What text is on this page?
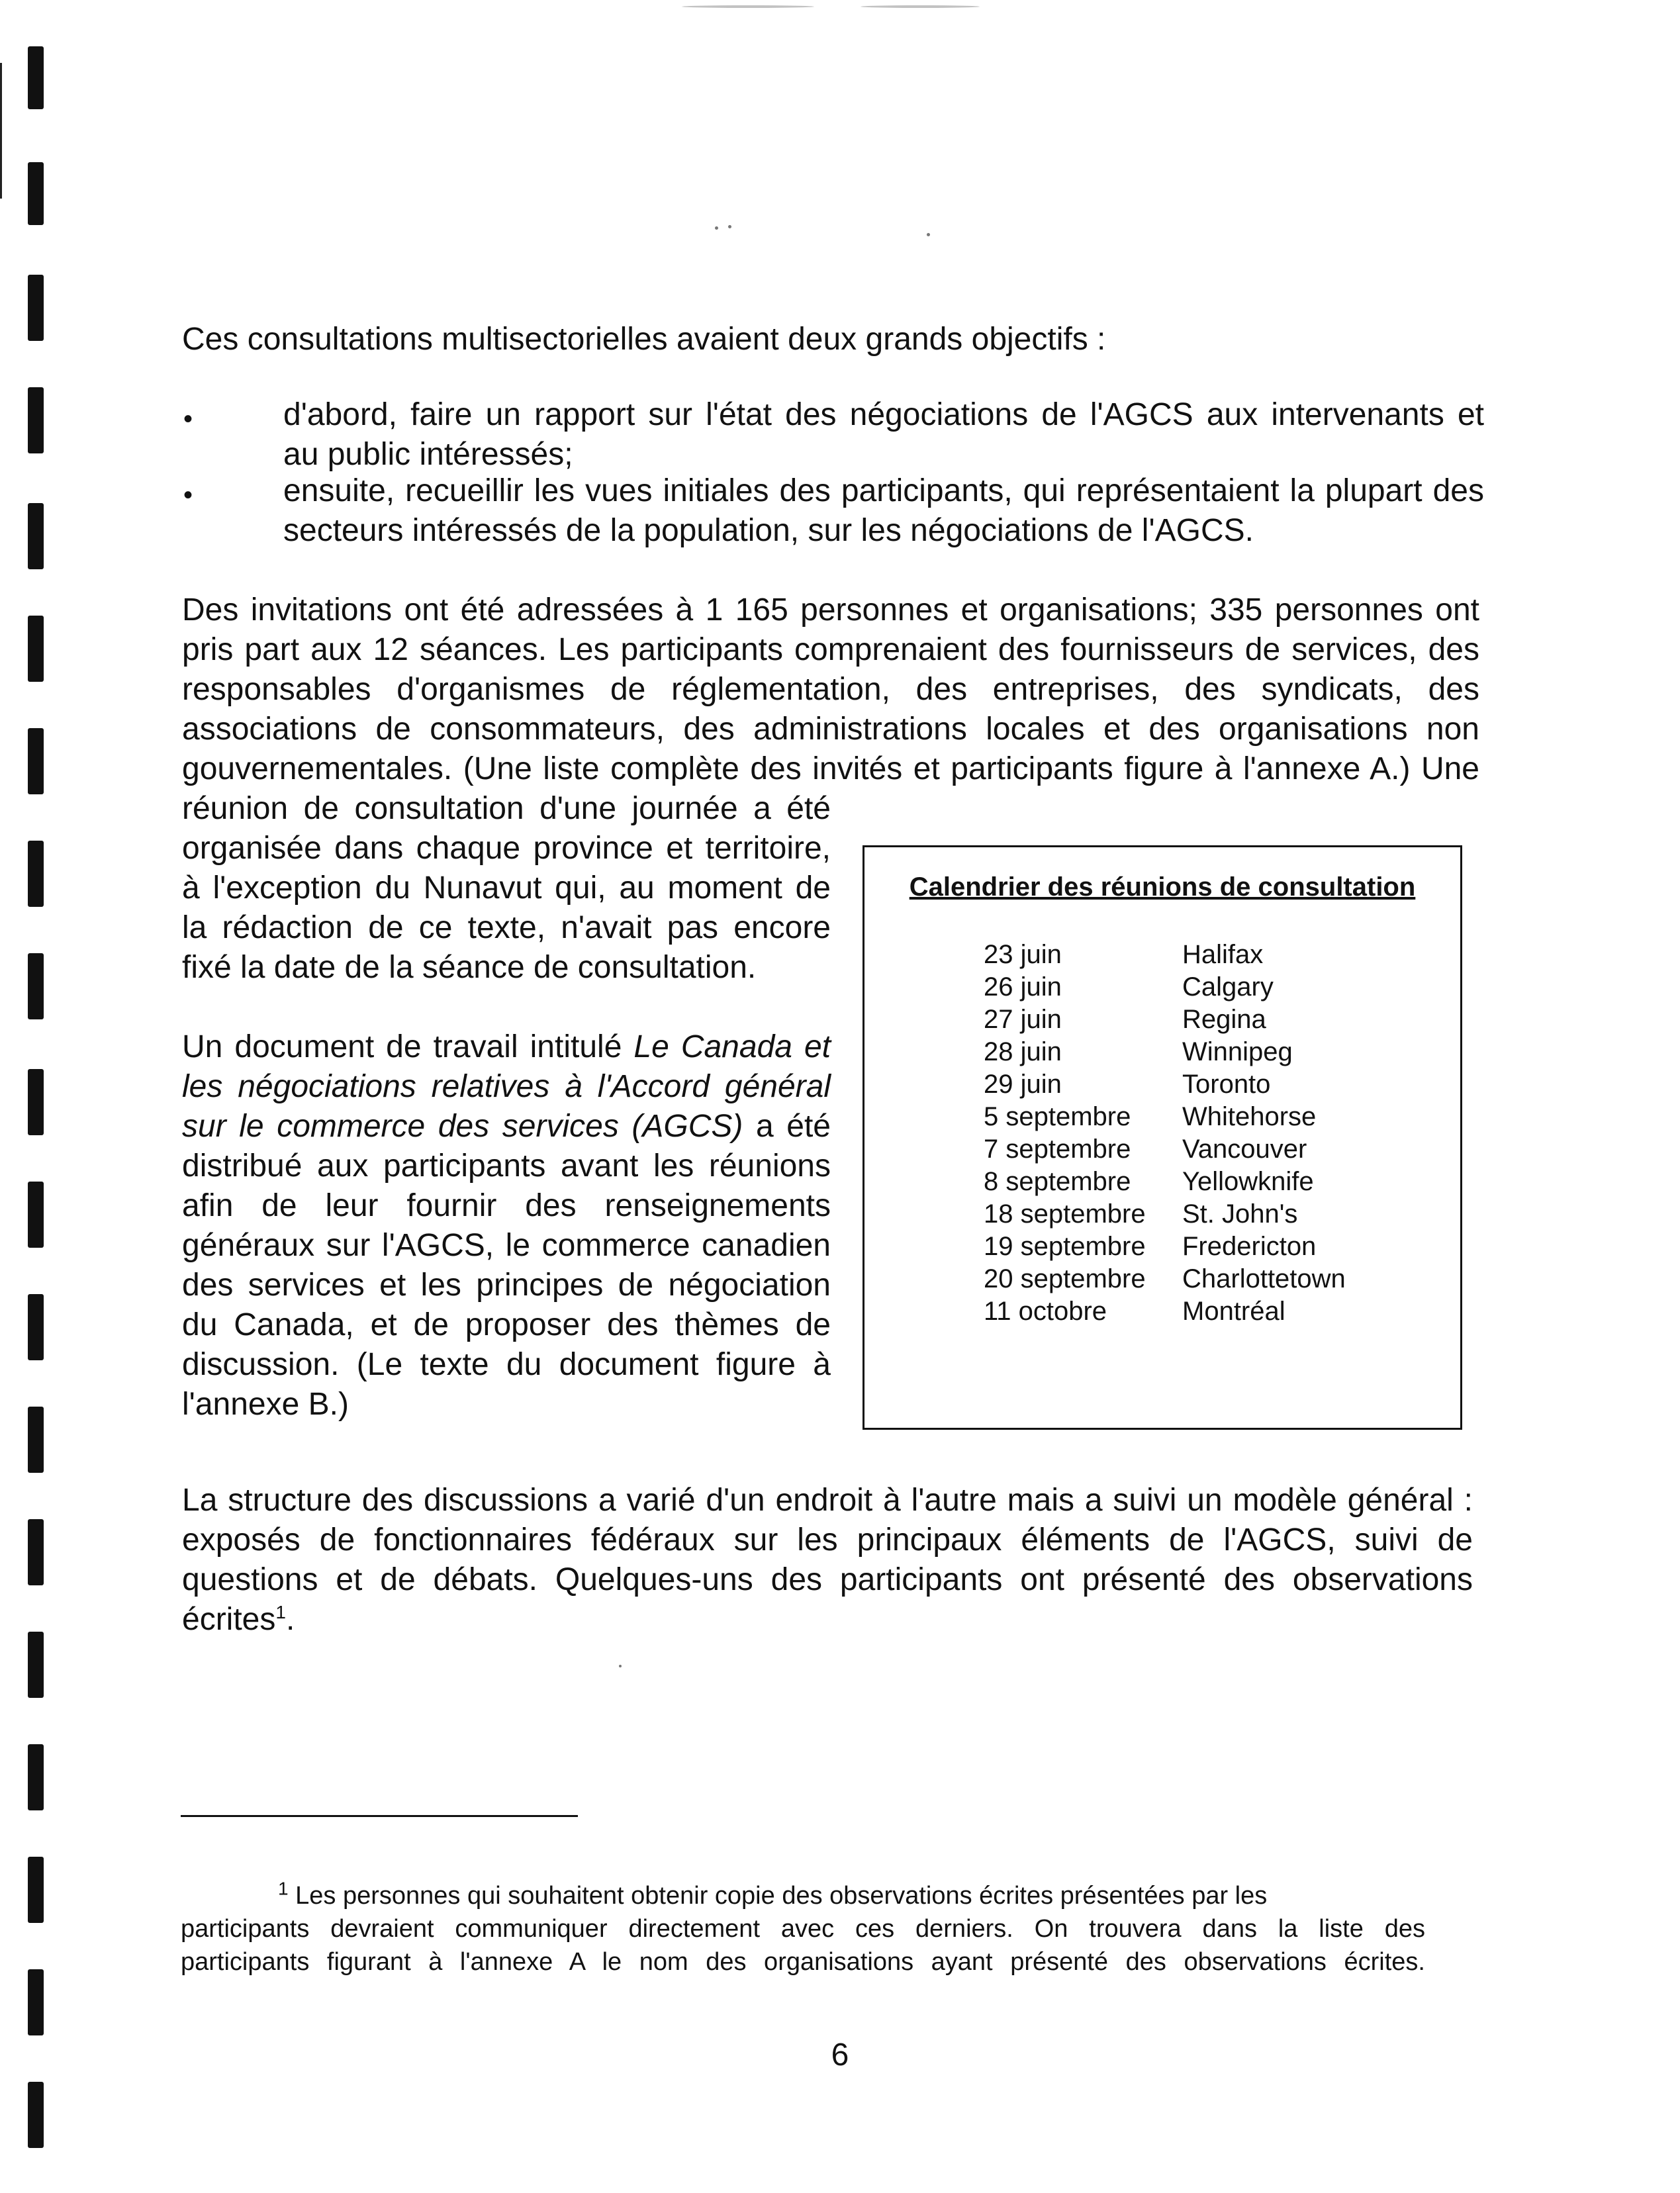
Ces consultations multisectorielles avaient deux grands objectifs :

•	d'abord, faire un rapport sur l'état des négociations de l'AGCS aux intervenants et

au public intéressés;

•	ensuite, recueillir les vues initiales des participants, qui représentaient la plupart des

secteurs intéressés de la population, sur les négociations de l'AGCS.

Des invitations ont été adressées à 1 165 personnes et organisations; 335 personnes ont

pris part aux 12 séances. Les participants comprenaient des fournisseurs de services, des

responsables d'organismes de réglementation, des entreprises, des syndicats, des

associations de consommateurs, des administrations locales et des organisations non

gouvernementales. (Une liste complète des invités et participants figure à l'annexe A.) Une

réunion de consultation d'une journée a été

organisée dans chaque province et territoire,

à l'exception du Nunavut qui, au moment de

la rédaction de ce texte, n'avait pas encore

fixé la date de la séance de consultation.

Un document de travail intitulé Le Canada et

les négociations relatives à l'Accord général

sur le commerce des services (AGCS) a été

distribué aux participants avant les réunions

afin de leur fournir des renseignements

généraux sur l'AGCS, le commerce canadien

des services et les principes de négociation

du Canada, et de proposer des thèmes de

discussion. (Le texte du document figure à

l'annexe B.)

Calendrier des réunions de consultation
23 juin	Halifax
26 juin	Calgary
27 juin	Regina
28 juin	Winnipeg
29 juin	Toronto
5 septembre Whitehorse
7 septembre Vancouver
8 septembre Yellowknife
18 septembre St. John's
19 septembre Fredericton
20 septembre Charlottetown
11 octobre	Montréal

La structure des discussions a varié d'un endroit à l'autre mais a suivi un modèle général :

exposés de fonctionnaires fédéraux sur les principaux éléments de l'AGCS, suivi de

questions et de débats. Quelques-uns des participants ont présenté des observations

écrites$^1$.

$^1$ Les personnes qui souhaitent obtenir copie des observations écrites présentées par les

participants devraient communiquer directement avec ces derniers. On trouvera dans la liste des

participants figurant à l'annexe A le nom des organisations ayant présenté des observations écrites.

6
